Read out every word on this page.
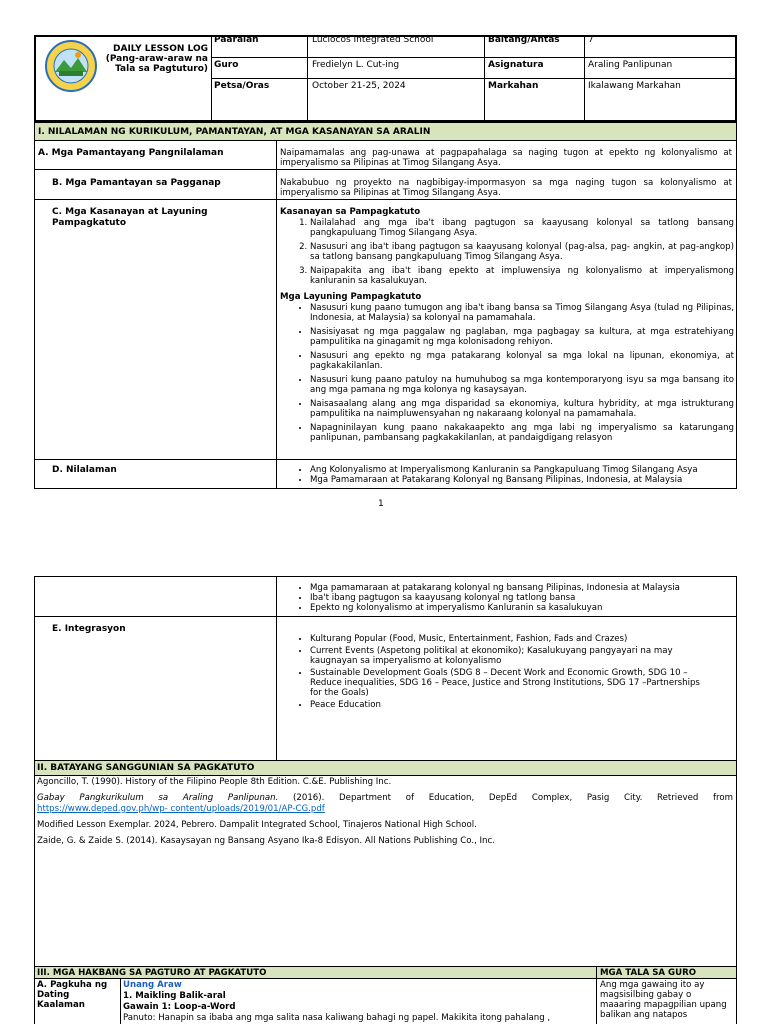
DAILY LESSON LOG
(Pang-araw-araw na
Tala sa Pagtuturo)
Paaralan	Luclocos Integrated School	Baitang/Antas	7
Guro	Fredielyn L. Cut-ing	Asignatura	Araling Panlipunan
Petsa/Oras	October 21-25, 2024	Markahan	Ikalawang Markahan
I. NILALAMAN NG KURIKULUM, PAMANTAYAN, AT MGA KASANAYAN SA ARALIN
A. Mga Pamantayang Pangnilalaman	Naipamamalas ang pag-unawa at pagpapahalaga sa naging tugon at epekto ng kolonyalismo at imperyalismo sa Pilipinas at Timog Silangang Asya.
B. Mga Pamantayan sa Pagganap	Nakabubuo ng proyekto na nagbibigay-impormasyon sa mga naging tugon sa kolonyalismo at imperyalismo sa Pilipinas at Timog Silangang Asya.
C. Mga Kasanayan at Layuning Pampagkatuto
Kasanayan sa Pampagkatuto
1. Nailalahad ang mga iba't ibang pagtugon sa kaayusang kolonyal sa tatlong bansang pangkapuluang Timog Silangang Asya.
2. Nasusuri ang iba't ibang pagtugon sa kaayusang kolonyal (pag-alsa, pag- angkin, at pag-angkop) sa tatlong bansang pangkapuluang Timog Silangang Asya.
3. Naipapakita ang iba't ibang epekto at impluwensiya ng kolonyalismo at imperyalismong kanluranin sa kasalukuyan.
Mga Layuning Pampagkatuto
• Nasusuri kung paano tumugon ang iba't ibang bansa sa Timog Silangang Asya (tulad ng Pilipinas, Indonesia, at Malaysia) sa kolonyal na pamamahala.
• Nasisiyasat ng mga paggalaw ng paglaban, mga pagbagay sa kultura, at mga estratehiyang pampulitika na ginagamit ng mga kolonisadong rehiyon.
• Nasusuri ang epekto ng mga patakarang kolonyal sa mga lokal na lipunan, ekonomiya, at pagkakakilanlan.
• Nasusuri kung paano patuloy na humuhubog sa mga kontemporaryong isyu sa mga bansang ito ang mga pamana ng mga kolonya ng kasaysayan.
• Naisasaalang alang ang mga disparidad sa ekonomiya, kultura hybridity, at mga istrukturang pampulitika na naimpluwensyahan ng nakaraang kolonyal na pamamahala.
• Napagninilayan kung paano nakakaapekto ang mga labi ng imperyalismo sa katarungang panlipunan, pambansang pagkakakilanlan, at pandaigdigang relasyon
D. Nilalaman
•	Ang Kolonyalismo at Imperyalismong Kanluranin sa Pangkapuluang Timog Silangang Asya
• Mga Pamamaraan at Patakarang Kolonyal ng Bansang Pilipinas, Indonesia, at Malaysia
1
• Mga pamamaraan at patakarang kolonyal ng bansang Pilipinas, Indonesia at Malaysia
• Iba't ibang pagtugon sa kaayusang kolonyal ng tatlong bansa
• Epekto ng kolonyalismo at imperyalismo Kanluranin sa kasalukuyan
E. Integrasyon
• Kulturang Popular (Food, Music, Entertainment, Fashion, Fads and Crazes)
• Current Events (Aspetong politikal at ekonomiko); Kasalukuyang pangyayari na may kaugnayan sa imperyalismo at kolonyalismo
• Sustainable Development Goals (SDG 8 – Decent Work and Economic Growth, SDG 10 – Reduce inequalities, SDG 16 – Peace, Justice and Strong Institutions, SDG 17 –Partnerships for the Goals)
• Peace Education
II. BATAYANG SANGGUNIAN SA PAGKATUTO
Agoncillo, T. (1990). History of the Filipino People 8th Edition. C.&E. Publishing Inc.
Gabay Pangkurikulum sa Araling Panlipunan. (2016). Department of Education, DepEd Complex, Pasig City. Retrieved from
https://www.deped.gov.ph/wp- content/uploads/2019/01/AP-CG.pdf
Modified Lesson Exemplar. 2024, Pebrero. Dampalit Integrated School, Tinajeros National High School.
Zaide, G. & Zaide S. (2014). Kasaysayan ng Bansang Asyano Ika-8 Edisyon. All Nations Publishing Co., Inc.
III. MGA HAKBANG SA PAGTURO AT PAGKATUTO	MGA TALA SA GURO
A. Pagkuha ng
Dating
Kaalaman
Unang Araw
1. Maikling Balik-aral
Gawain 1: Loop-a-Word
Panuto: Hanapin sa ibaba ang mga salita nasa kaliwang bahagi ng papel. Makikita itong pahalang ,
Ang mga gawaing ito ay magsisilbing gabay o maaaring mapagpilian upang balikan ang natapos
